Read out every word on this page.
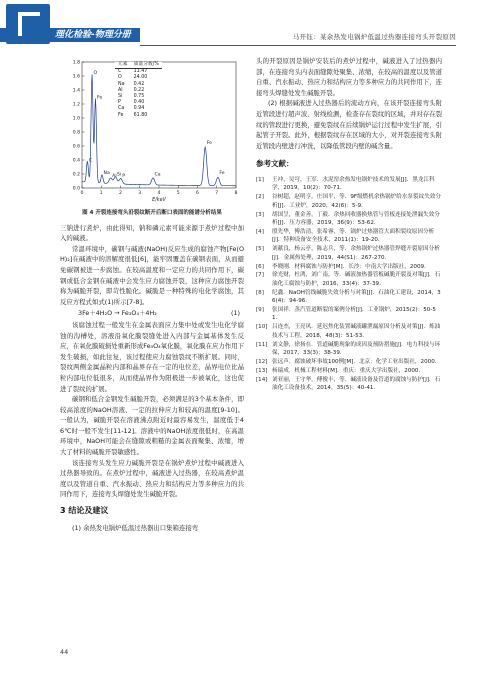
理化检验-物理分册	马开钰：某余热发电锅炉低温过热器连接弯头开裂原因
0.0
0.2
0.4
0.6
0.8
1.0
1.2
1.4
1.6
1.8
0	1	2	3	4	5	6	7	8
E/keV
C
O
Fe
Na
Al Si P	Ca
Fe
Fe
元素	质量分数/%
C	11.47
O	24.00
Na	0.42
Al	0.22
Si	0.75
P	0.40
Ca	0.94
Fe	61.80
图 4 开裂连接弯头沿裂纹断开后断口表面的能谱分析结果

三钠进行煮炉，由此得知，钠和磷元素可能来源于煮炉过程中加入的碱液。

常温环境中，碳钢与碱液(NaOH)反应生成的腐蚀产物[Fe(OH)₂]在碱液中的溶解度很低[6]，能牢固覆盖在碳钢表面，从而避免碳钢被进一步腐蚀。在较高温度和一定应力的共同作用下，碳钢或低合金钢在碱液中会发生应力腐蚀开裂，这种应力腐蚀开裂称为碱脆开裂，即苛性脆化。碱脆是一种特殊的电化学腐蚀，其反应方程式如式(1)所示[7-8]。

3Fe＋4H₂O → Fe₃O₄＋4H₂	(1)

该腐蚀过程一般发生在金属表面应力集中处或发生电化学腐蚀的沟槽处，溶液沿氧化膜裂缝处进入内部与金属基体发生反应，在氧化膜破损处重新形成Fe₃O₄氧化膜，氧化膜在应力作用下发生破损，如此往复，该过程使应力腐蚀裂纹不断扩展。同时，裂纹两侧金属晶粒内部和晶界存在一定的电位差，晶界电位比晶粒内部电位低很多，从而使晶界作为阳极进一步被氧化，这也促进了裂纹的扩展。

碳钢和低合金钢发生碱脆开裂，必须满足的3个基本条件，即较高浓度的NaOH溶液、一定的拉伸应力和较高的温度[9-10]。一般认为，碱脆开裂在溶液沸点附近时最容易发生，温度低于46℃时一般不发生[11-12]。溶液中的NaOH浓度很低时，在高温环境中，NaOH可能会在缝隙或粗糙的金属表面聚集、浓缩，增大了材料的碱脆开裂敏感性。

该连接弯头发生应力碱脆开裂是在锅炉煮炉过程中碱液进入过热器导致的。在煮炉过程中，碱液进入过热器，在较高煮炉温度以及管道自重、汽水振动、热应力和结构应力等多种应力的共同作用下，连接弯头焊缝处发生碱脆开裂。

3 结论及建议

(1) 余热发电锅炉低温过热器出口集箱连接弯

头的开裂原因是锅炉安装后的煮炉过程中，碱液进入了过热器内部，在连接弯头内表面缝隙处聚集、浓缩，在较高的温度以及管道自重、汽水振动、热应力和结构应力等多种应力的共同作用下，连接弯头焊缝处发生碱脆开裂。

(2) 根据碱液进入过热器后的流动方向，在该开裂连接弯头附近管段进行超声波、射线检测，检查存在裂纹的区域，并对存在裂纹的管段进行更换，避免裂纹在后续锅炉运行过程中发生扩展，引起管子开裂。此外，根据裂纹存在区域的大小，对开裂连接弯头附近管段内壁进行冲洗，以降低管段内壁的碱含量。

参考文献：
[1]	王冲，吴穹，王军．水泥窑余热发电锅炉技术的发展[J]．黑龙江科学，2019，10(2)：70-71．
[2]	谷树超，赵明亨，庄国平，等．9F级燃机余热锅炉给水泵裂纹失效分析[J]．工业炉，2020，42(6)：5-9．
[3]	胡国呈，董金善，丁毅．余热回收器换热管与管板连接处泄漏失效分析[J]．压力容器，2019，36(9)：53-62．
[4]	殷先华，傅浩清，张希睿，等．锅炉过热器管大面积裂纹原因分析[J]．特种设备安全技术，2011(1)：19-20．
[5]	刘献良，杨云亭，陈志兵，等．余热锅炉过热器管焊缝开裂原因分析[J]．金属热处理，2019，44(S1)：267-270．
[6]	李晓刚．材料腐蚀与防护[M]．长沙：中南大学出版社，2009．
[7]	徐光财，杜鸿，刘广南，等．碱液加热器管板碱脆开裂及对策[J]．石油化工腐蚀与防护，2016，33(4)：37-39．
[8]	纪鑫．NaOH管线碱脆失效分析与对策[J]．石油化工建设，2014，36(4)：94-96．
[9]	张国祥．蒸汽管道断裂的案例分析[J]．工业锅炉，2015(2)：50-51．
[10] 吕连杰，王亮风．延迟焦化装置碱液罐泄漏原因分析及对策[J]．炼油技术与工程，2018，48(3)：51-53．
[11] 刘文静，徐扬在．管道碱脆现象的成因及预防措施[J]．电力科技与环保，2017，33(3)：38-39．
[12] 张远声．腐蚀破坏事故100例[M]．北京：化学工业出版社，2000．
[13] 杨瑞成．机械工程材料[M]．重庆：重庆大学出版社，2000．
[14] 刘亚丽，王守华，傅俊丰，等．碱液设备及管道的腐蚀与防护[J]．石油化工设备技术，2014，35(5)：40-41．
44
